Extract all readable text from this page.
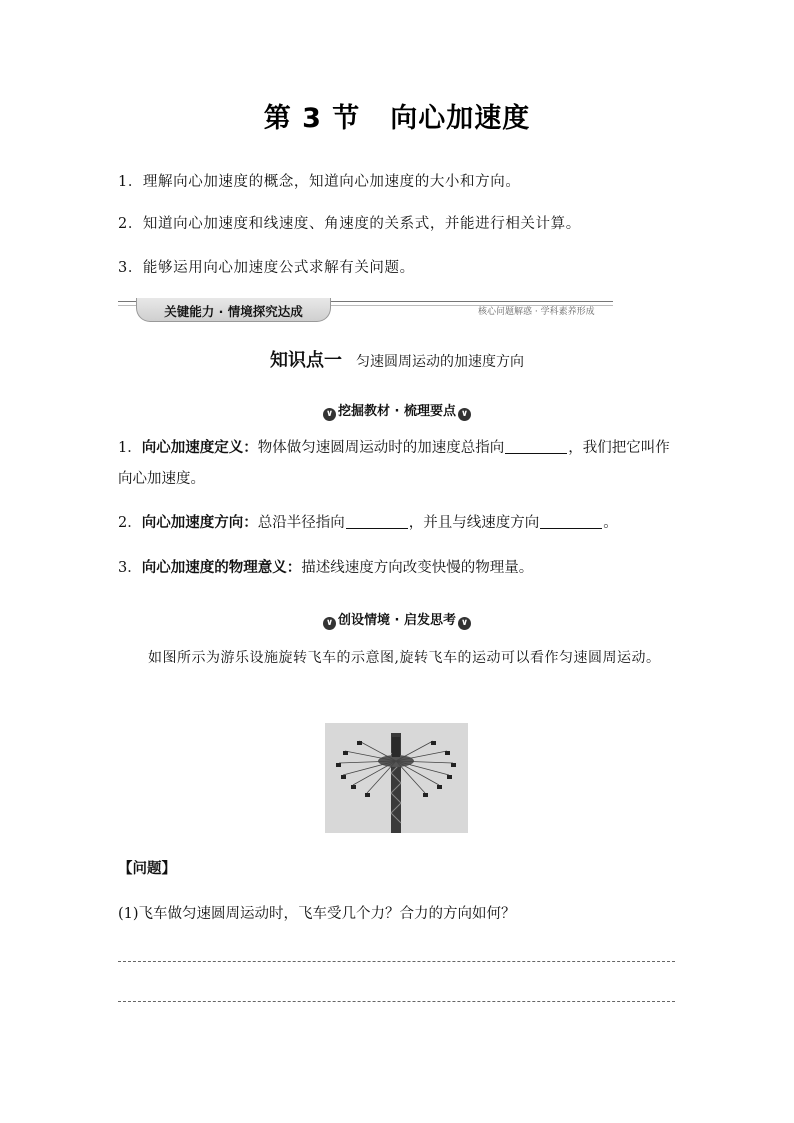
第 3 节 向心加速度
1．理解向心加速度的概念，知道向心加速度的大小和方向。
2．知道向心加速度和线速度、角速度的关系式，并能进行相关计算。
3．能够运用向心加速度公式求解有关问题。
关键能力 · 情境探究达成	核心问题解惑 · 学科素养形成
知识点一 匀速圆周运动的加速度方向
∨ 挖掘教材 · 梳理要点 ∨
1．向心加速度定义：物体做匀速圆周运动时的加速度总指向	，我们把它叫作向心加速度。
2．向心加速度方向：总沿半径指向	，并且与线速度方向	。
3．向心加速度的物理意义：描述线速度方向改变快慢的物理量。
∨ 创设情境 · 启发思考 ∨
如图所示为游乐设施旋转飞车的示意图,旋转飞车的运动可以看作匀速圆周运动。
【问题】
(1)飞车做匀速圆周运动时，飞车受几个力？合力的方向如何？
